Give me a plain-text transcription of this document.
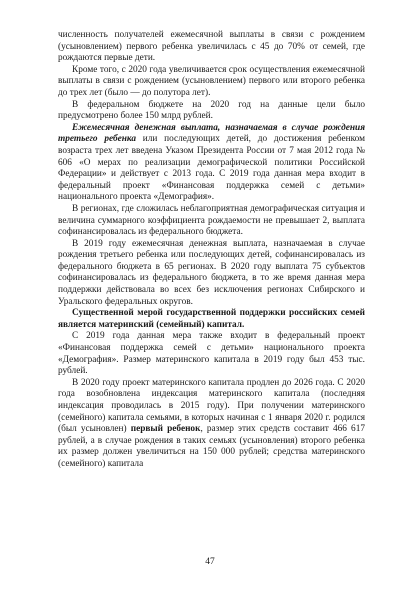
численность получателей ежемесячной выплаты в связи с рождением (усыновлением) первого ребенка увеличилась с 45 до 70% от семей, где рождаются первые дети.

Кроме того, с 2020 года увеличивается срок осуществления ежемесячной выплаты в связи с рождением (усыновлением) первого или второго ребенка до трех лет (было — до полутора лет).

В федеральном бюджете на 2020 год на данные цели было предусмотрено более 150 млрд рублей.

Ежемесячная денежная выплата, назначаемая в случае рождения третьего ребенка или последующих детей, до достижения ребенком возраста трех лет введена Указом Президента России от 7 мая 2012 года № 606 «О мерах по реализации демографической политики Российской Федерации» и действует с 2013 года. С 2019 года данная мера входит в федеральный проект «Финансовая поддержка семей с детьми» национального проекта «Демография».

В регионах, где сложилась неблагоприятная демографическая ситуация и величина суммарного коэффициента рождаемости не превышает 2, выплата софинансировалась из федерального бюджета.

В 2019 году ежемесячная денежная выплата, назначаемая в случае рождения третьего ребенка или последующих детей, софинансировалась из федерального бюджета в 65 регионах. В 2020 году выплата 75 субъектов софинансировалась из федерального бюджета, в то же время данная мера поддержки действовала во всех без исключения регионах Сибирского и Уральского федеральных округов.

Существенной мерой государственной поддержки российских семей является материнский (семейный) капитал.

С 2019 года данная мера также входит в федеральный проект «Финансовая поддержка семей с детьми» национального проекта «Демография». Размер материнского капитала в 2019 году был 453 тыс. рублей.

В 2020 году проект материнского капитала продлен до 2026 года. С 2020 года возобновлена индексация материнского капитала (последняя индексация проводилась в 2015 году). При получении материнского (семейного) капитала семьями, в которых начиная с 1 января 2020 г. родился (был усыновлен) первый ребенок, размер этих средств составит 466 617 рублей, а в случае рождения в таких семьях (усыновления) второго ребенка их размер должен увеличиться на 150 000 рублей; средства материнского (семейного) капитала

47
